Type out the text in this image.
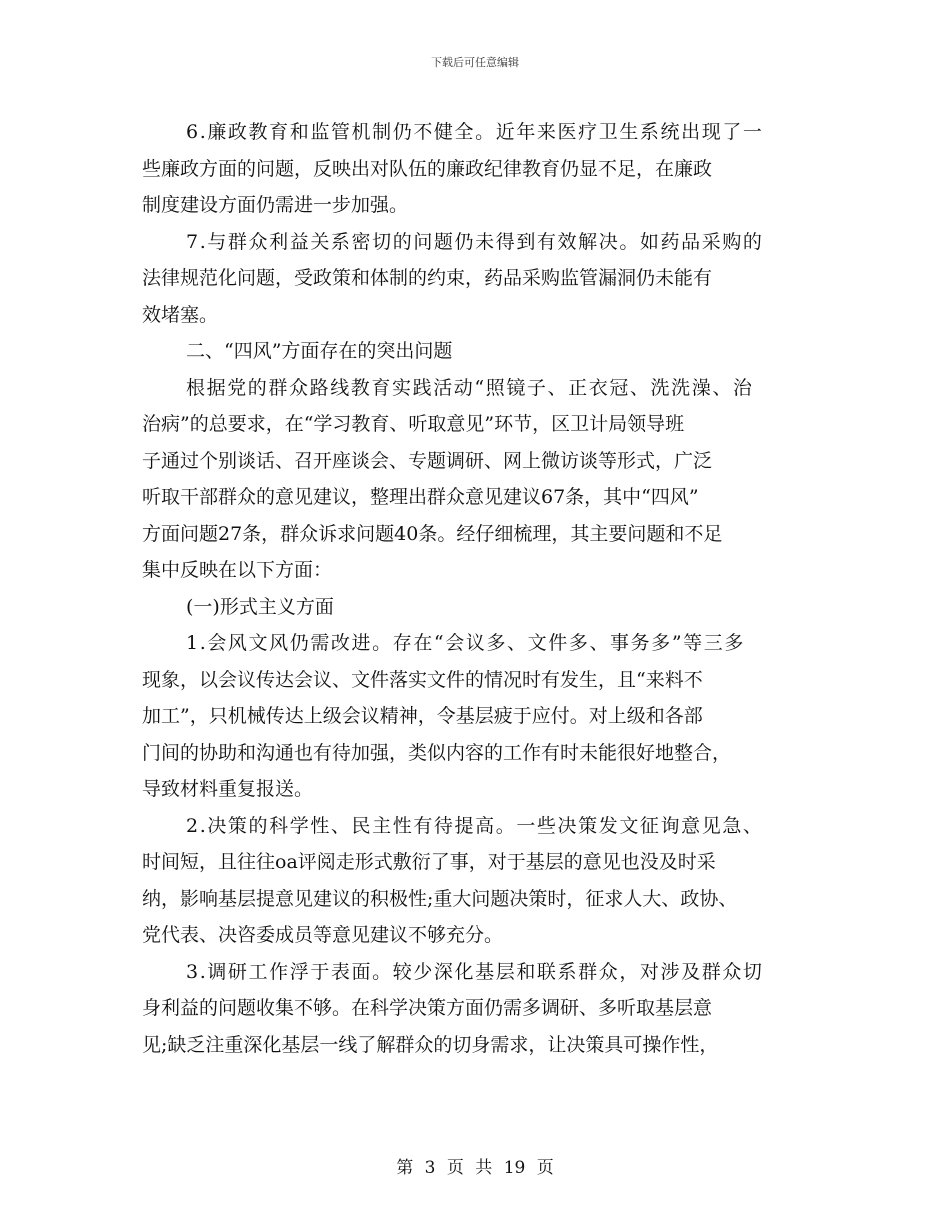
下载后可任意编辑
6.廉政教育和监管机制仍不健全。近年来医疗卫生系统出现了一
些廉政方面的问题，反映出对队伍的廉政纪律教育仍显不足，在廉政
制度建设方面仍需进一步加强。
7.与群众利益关系密切的问题仍未得到有效解决。如药品采购的
法律规范化问题，受政策和体制的约束，药品采购监管漏洞仍未能有
效堵塞。
二、“四风”方面存在的突出问题
根据党的群众路线教育实践活动“照镜子、正衣冠、洗洗澡、治
治病”的总要求，在“学习教育、听取意见”环节，区卫计局领导班
子通过个别谈话、召开座谈会、专题调研、网上微访谈等形式，广泛
听取干部群众的意见建议，整理出群众意见建议67条，其中“四风”
方面问题27条，群众诉求问题40条。经仔细梳理，其主要问题和不足
集中反映在以下方面：
(一)形式主义方面
1.会风文风仍需改进。存在“会议多、文件多、事务多”等三多
现象，以会议传达会议、文件落实文件的情况时有发生，且“来料不
加工”，只机械传达上级会议精神，令基层疲于应付。对上级和各部
门间的协助和沟通也有待加强，类似内容的工作有时未能很好地整合，
导致材料重复报送。
2.决策的科学性、民主性有待提高。一些决策发文征询意见急、
时间短，且往往oa评阅走形式敷衍了事，对于基层的意见也没及时采
纳，影响基层提意见建议的积极性;重大问题决策时，征求人大、政协、
党代表、决咨委成员等意见建议不够充分。
3.调研工作浮于表面。较少深化基层和联系群众，对涉及群众切
身利益的问题收集不够。在科学决策方面仍需多调研、多听取基层意
见;缺乏注重深化基层一线了解群众的切身需求，让决策具可操作性，
第 3 页 共 19 页
